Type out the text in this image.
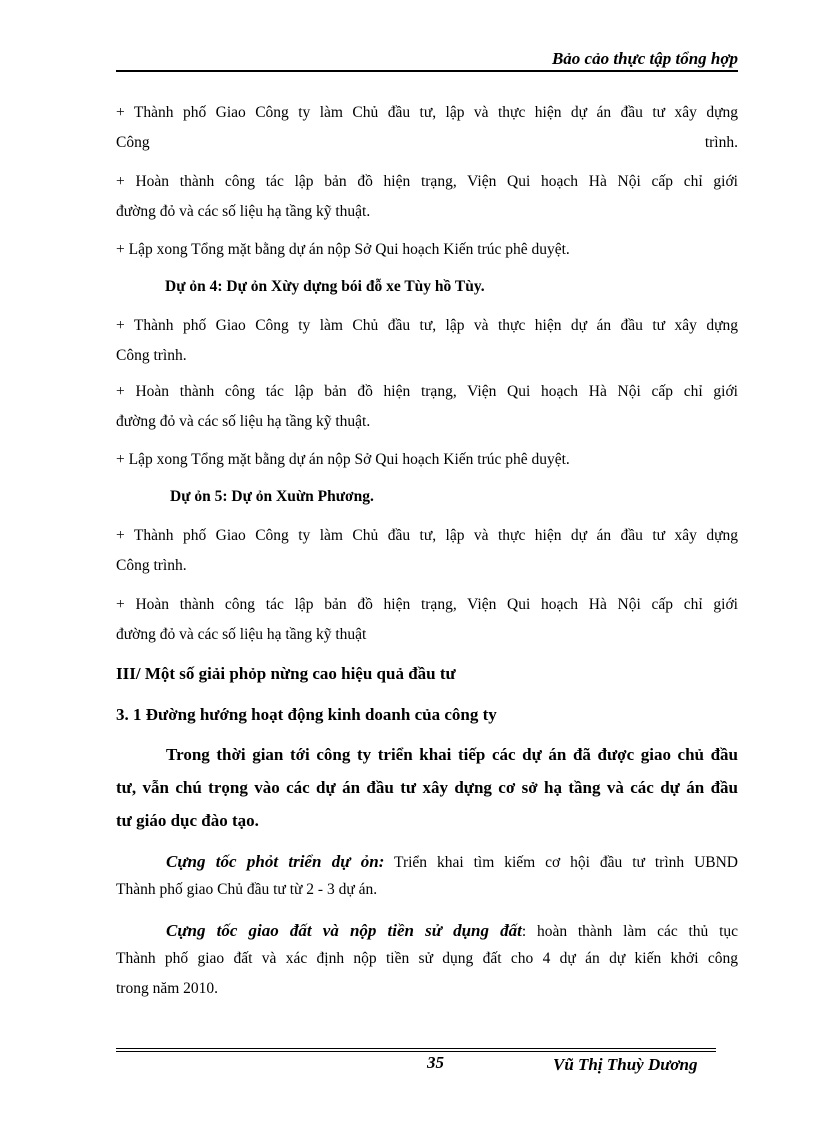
Bảo cảo thực tập tổng hợp
+ Thành phố Giao Công ty làm Chủ đầu tư, lập và thực hiện dự án đầu tư xây dựng
Công	trình.
+ Hoàn thành công tác lập bản đồ hiện trạng, Viện Qui hoạch Hà Nội cấp chỉ giới
đường đỏ và các số liệu hạ tầng kỹ thuật.
+ Lập xong Tổng mặt bằng dự án nộp Sở Qui hoạch Kiến trúc phê duyệt.
Dự ỏn 4: Dự ỏn Xừy dựng bói đỗ xe Tùy hồ Tùy.
+ Thành phố Giao Công ty làm Chủ đầu tư, lập và thực hiện dự án đầu tư xây dựng
Công trình.
+ Hoàn thành công tác lập bản đồ hiện trạng, Viện Qui hoạch Hà Nội cấp chỉ giới
đường đỏ và các số liệu hạ tầng kỹ thuật.
+ Lập xong Tổng mặt bằng dự án nộp Sở Qui hoạch Kiến trúc phê duyệt.
Dự ỏn 5: Dự ỏn Xuừn Phương.
+ Thành phố Giao Công ty làm Chủ đầu tư, lập và thực hiện dự án đầu tư xây dựng
Công trình.
+ Hoàn thành công tác lập bản đồ hiện trạng, Viện Qui hoạch Hà Nội cấp chỉ giới
đường đỏ và các số liệu hạ tầng kỹ thuật
III/ Một số giải phỏp nừng cao hiệu quả đầu tư
3. 1 Đường hướng hoạt động kinh doanh của công ty
Trong thời gian tới công ty triển khai tiếp các dự án đã được giao chủ đầu
tư, vẫn chú trọng vào các dự án đầu tư xây dựng cơ sở hạ tầng và các dự án đầu
tư giáo dục đào tạo.
Cựng tốc phỏt triển dự ỏn: Triển khai tìm kiếm cơ hội đầu tư trình UBND
Thành phố giao Chủ đầu tư từ 2 - 3 dự án.
Cựng tốc giao đất và nộp tiền sử dụng đất: hoàn thành làm các thủ tục
Thành phố giao đất và xác định nộp tiền sử dụng đất cho 4 dự án dự kiến khởi công
trong năm 2010.
35	Vũ Thị Thuỳ Dương
